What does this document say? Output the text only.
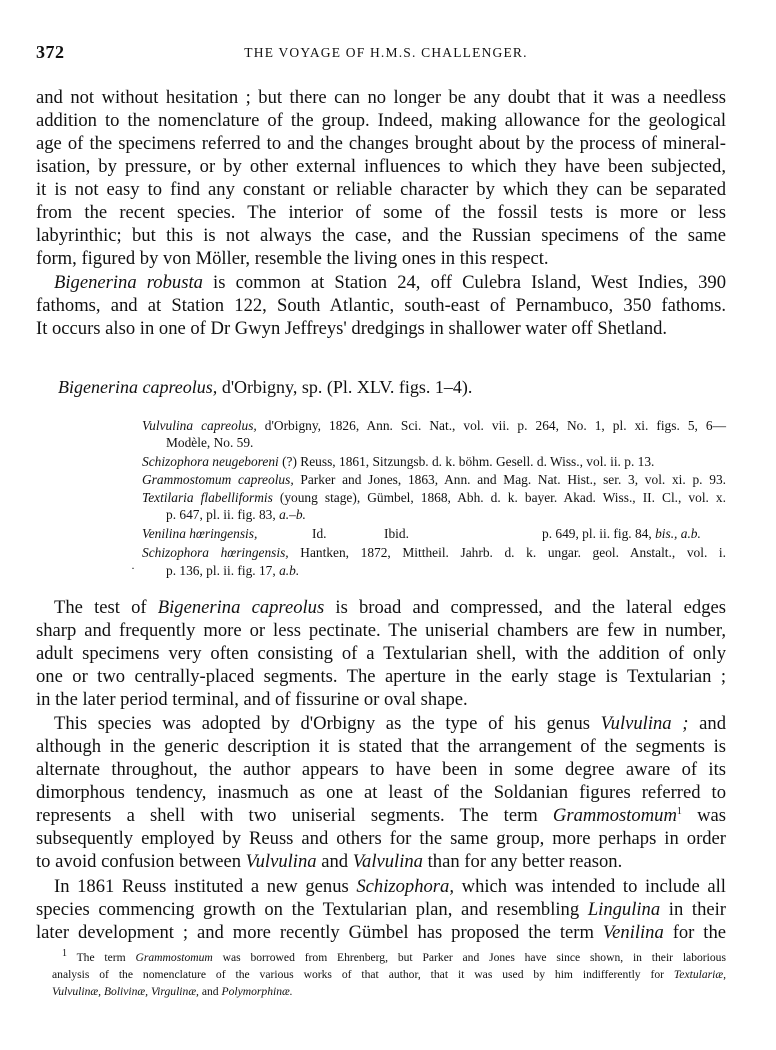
372	THE VOYAGE OF H.M.S. CHALLENGER.
and not without hesitation ; but there can no longer be any doubt that it was a needless
addition to the nomenclature of the group. Indeed, making allowance for the geological
age of the specimens referred to and the changes brought about by the process of mineral-
isation, by pressure, or by other external influences to which they have been subjected,
it is not easy to find any constant or reliable character by which they can be separated
from the recent species. The interior of some of the fossil tests is more or less
labyrinthic; but this is not always the case, and the Russian specimens of the same
form, figured by von Möller, resemble the living ones in this respect.
Bigenerina robusta is common at Station 24, off Culebra Island, West Indies, 390
fathoms, and at Station 122, South Atlantic, south-east of Pernambuco, 350 fathoms.
It occurs also in one of Dr Gwyn Jeffreys' dredgings in shallower water off Shetland.
Bigenerina capreolus, d'Orbigny, sp. (Pl. XLV. figs. 1–4).
Vulvulina capreolus, d'Orbigny, 1826, Ann. Sci. Nat., vol. vii. p. 264, No. 1, pl. xi. figs. 5, 6—
Modèle, No. 59.
Schizophora neugeboreni (?) Reuss, 1861, Sitzungsb. d. k. böhm. Gesell. d. Wiss., vol. ii. p. 13.
Grammostomum capreolus, Parker and Jones, 1863, Ann. and Mag. Nat. Hist., ser. 3, vol. xi. p. 93.
Textilaria flabelliformis (young stage), Gümbel, 1868, Abh. d. k. bayer. Akad. Wiss., II. Cl., vol. x.
p. 647, pl. ii. fig. 83, a.–b.
Venilina hœringensis,	Id.	Ibid.	p. 649, pl. ii. fig. 84, bis., a.b.
Schizophora hœringensis, Hantken, 1872, Mittheil. Jahrb. d. k. ungar. geol. Anstalt., vol. i.
· p. 136, pl. ii. fig. 17, a.b.
The test of Bigenerina capreolus is broad and compressed, and the lateral edges
sharp and frequently more or less pectinate. The uniserial chambers are few in number,
adult specimens very often consisting of a Textularian shell, with the addition of only
one or two centrally-placed segments. The aperture in the early stage is Textularian ;
in the later period terminal, and of fissurine or oval shape.
This species was adopted by d'Orbigny as the type of his genus Vulvulina ; and
although in the generic description it is stated that the arrangement of the segments is
alternate throughout, the author appears to have been in some degree aware of its
dimorphous tendency, inasmuch as one at least of the Soldanian figures referred to
represents a shell with two uniserial segments. The term Grammostomum$^1$ was
subsequently employed by Reuss and others for the same group, more perhaps in order
to avoid confusion between Vulvulina and Valvulina than for any better reason.
In 1861 Reuss instituted a new genus Schizophora, which was intended to include all
species commencing growth on the Textularian plan, and resembling Lingulina in their
later development ; and more recently Gümbel has proposed the term Venilina for the
$^1$ The term Grammostomum was borrowed from Ehrenberg, but Parker and Jones have since shown, in their laborious
analysis of the nomenclature of the various works of that author, that it was used by him indifferently for Textulariæ,
Vulvulinæ, Bolivinæ, Virgulinæ, and Polymorphinæ.
